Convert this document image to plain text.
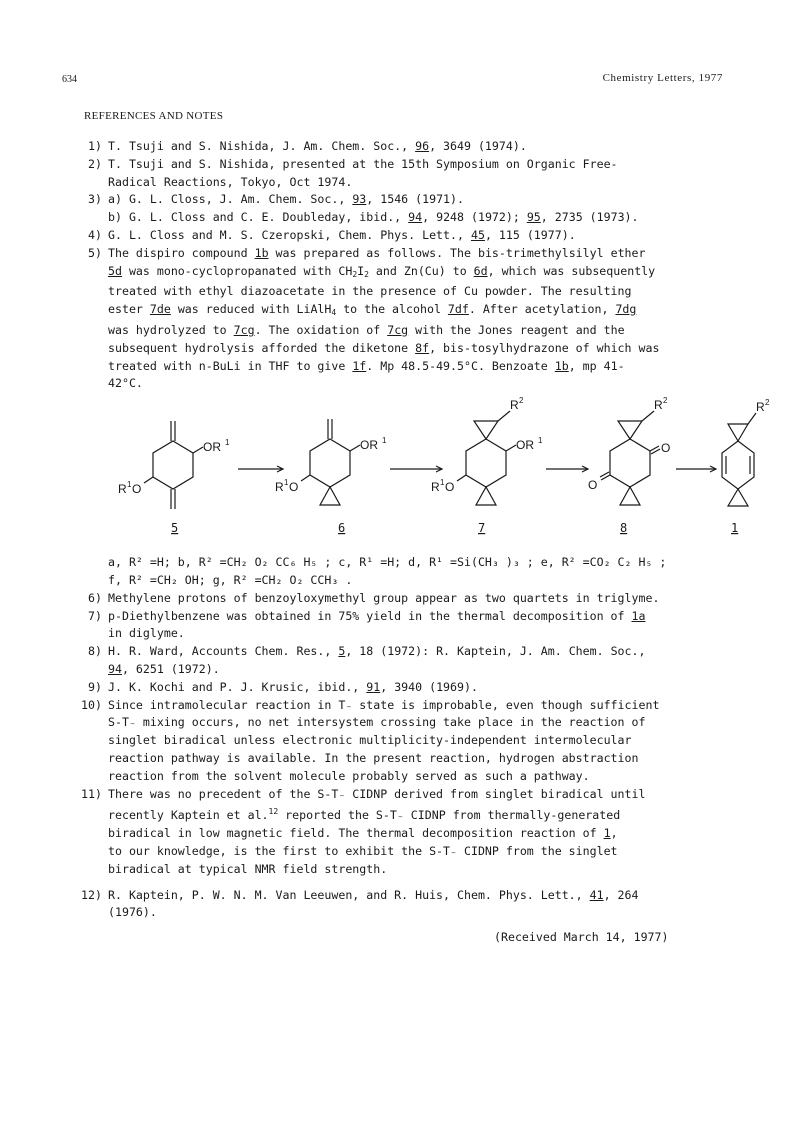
634	Chemistry Letters, 1977
REFERENCES AND NOTES
1) T. Tsuji and S. Nishida, J. Am. Chem. Soc., 96, 3649 (1974).
2) T. Tsuji and S. Nishida, presented at the 15th Symposium on Organic Free-
Radical Reactions, Tokyo, Oct 1974.
3) a) G. L. Closs, J. Am. Chem. Soc., 93, 1546 (1971).
b) G. L. Closs and C. E. Doubleday, ibid., 94, 9248 (1972); 95, 2735 (1973).
4) G. L. Closs and M. S. Czeropski, Chem. Phys. Lett., 45, 115 (1977).
5) The dispiro compound 1b was prepared as follows. The bis-trimethylsilyl ether
5d was mono-cyclopropanated with $CH_2I_2$ and Zn(Cu) to 6d, which was subsequently
treated with ethyl diazoacetate in the presence of Cu powder. The resulting
ester 7de was reduced with LiAlH$_4$ to the alcohol 7df. After acetylation, 7dg
was hydrolyzed to 7cg. The oxidation of 7cg with the Jones reagent and the
subsequent hydrolysis afforded the diketone 8f, bis-tosylhydrazone of which was
treated with n-BuLi in THF to give 1f. Mp 48.5-49.5°C. Benzoate 1b, mp 41-
42°C.
OR 1
R 1 O
OR 1
R 1 O
R 2
OR 1
R 1 O
R 2
O
O
R 2
5	6	7	8	1
a, R² =H; b, R² =CH₂ O₂ CC₆ H₅ ; c, R¹ =H; d, R¹ =Si(CH₃ )₃ ; e, R² =CO₂ C₂ H₅ ;
f, R² =CH₂ OH; g, R² =CH₂ O₂ CCH₃ .
6) Methylene protons of benzoyloxymethyl group appear as two quartets in triglyme.
7) p-Diethylbenzene was obtained in 75% yield in the thermal decomposition of 1a
in diglyme.
8) H. R. Ward, Accounts Chem. Res., 5, 18 (1972): R. Kaptein, J. Am. Chem. Soc.,
94, 6251 (1972).
9) J. K. Kochi and P. J. Krusic, ibid., 91, 3940 (1969).
10) Since intramolecular reaction in T₋ state is improbable, even though sufficient
S-T₋ mixing occurs, no net intersystem crossing take place in the reaction of
singlet biradical unless electronic multiplicity-independent intermolecular
reaction pathway is available. In the present reaction, hydrogen abstraction
reaction from the solvent molecule probably served as such a pathway.
11) There was no precedent of the S-T₋ CIDNP derived from singlet biradical until
recently Kaptein et al.$^{12}$ reported the S-T₋ CIDNP from thermally-generated
biradical in low magnetic field. The thermal decomposition reaction of 1,
to our knowledge, is the first to exhibit the S-T₋ CIDNP from the singlet
biradical at typical NMR field strength.
12) R. Kaptein, P. W. N. M. Van Leeuwen, and R. Huis, Chem. Phys. Lett., 41, 264
(1976).
(Received March 14, 1977)
